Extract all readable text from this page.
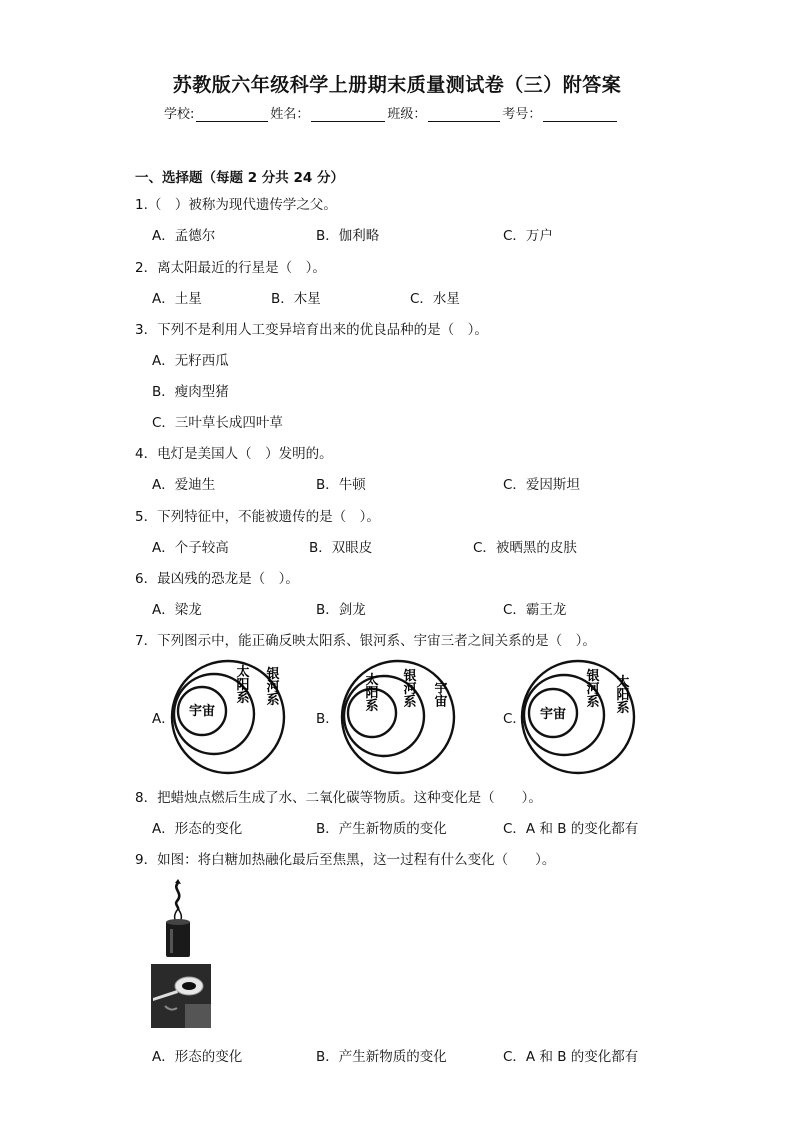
苏教版六年级科学上册期末质量测试卷（三）附答案
学校:	姓名：	班级：	考号：
一、选择题（每题 2 分共 24 分）
1.（　）被称为现代遗传学之父。
A．孟德尔	B．伽利略	C．万户
2．离太阳最近的行星是（　）。
A．土星	B．木星	C．水星
3．下列不是利用人工变异培育出来的优良品种的是（　）。
A．无籽西瓜
B．瘦肉型猪
C．三叶草长成四叶草
4．电灯是美国人（　）发明的。
A．爱迪生	B．牛顿	C．爱因斯坦
5．下列特征中，不能被遗传的是（　）。
A．个子较高	B．双眼皮	C．被晒黑的皮肤
6．最凶残的恐龙是（　）。
A．梁龙	B．剑龙	C．霸王龙
7．下列图示中，能正确反映太阳系、银河系、宇宙三者之间关系的是（　）。
A．	B．	C．
宇宙
太阳系 银河系	太阳系 银河系 宇宙
宇宙
银河系 太阳系
8．把蜡烛点燃后生成了水、二氧化碳等物质。这种变化是（　　）。
A．形态的变化	B．产生新物质的变化	C．A 和 B 的变化都有
9．如图：将白糖加热融化最后至焦黑，这一过程有什么变化（　　）。
A．形态的变化	B．产生新物质的变化	C．A 和 B 的变化都有
